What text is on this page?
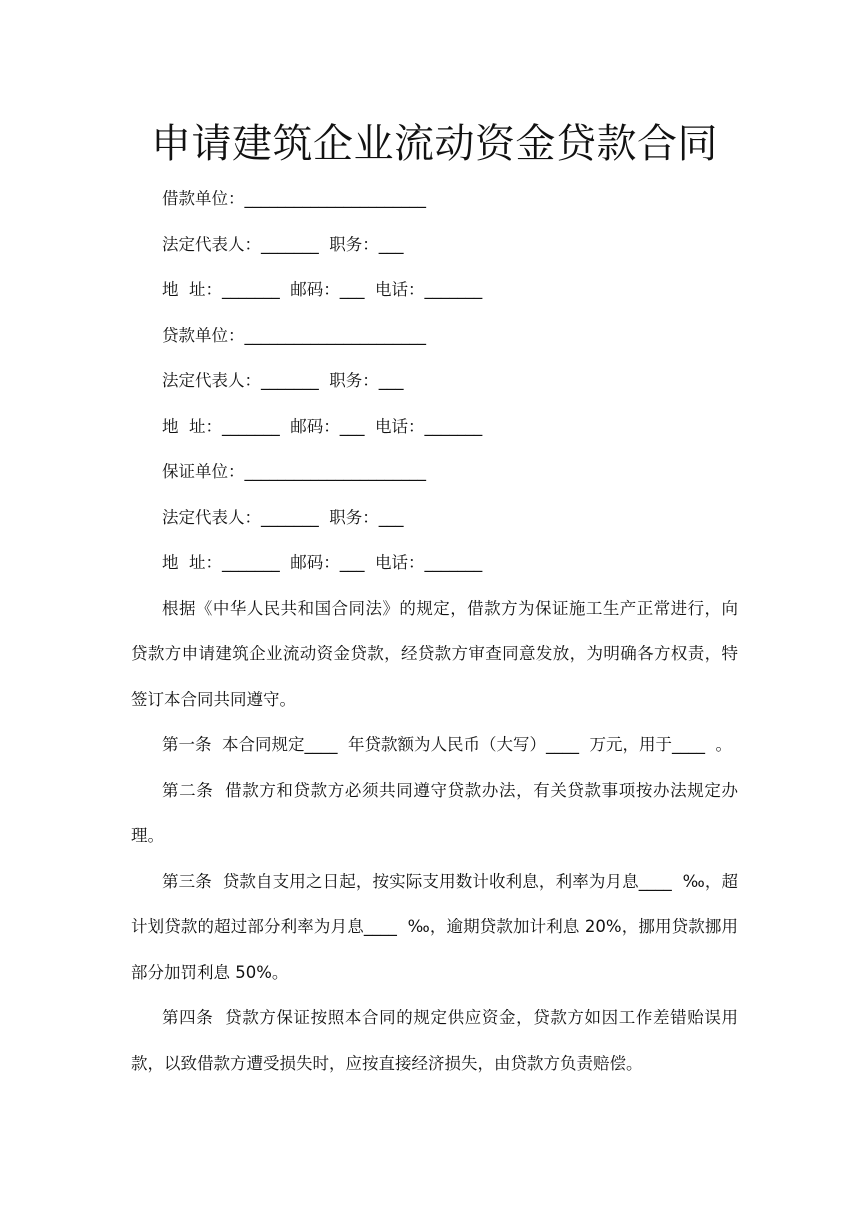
申请建筑企业流动资金贷款合同

借款单位：______________________

法定代表人：_______  职务：___

地  址：_______  邮码：___  电话：_______

贷款单位：______________________

法定代表人：_______  职务：___

地  址：_______  邮码：___  电话：_______

保证单位：______________________

法定代表人：_______  职务：___

地  址：_______  邮码：___  电话：_______

根据《中华人民共和国合同法》的规定，借款方为保证施工生产正常进行，向贷款方申请建筑企业流动资金贷款，经贷款方审查同意发放，为明确各方权责，特签订本合同共同遵守。

第一条  本合同规定____  年贷款额为人民币（大写）____  万元，用于____  。

第二条  借款方和贷款方必须共同遵守贷款办法，有关贷款事项按办法规定办理。

第三条  贷款自支用之日起，按实际支用数计收利息，利率为月息____  ‰，超计划贷款的超过部分利率为月息____  ‰，逾期贷款加计利息 20%，挪用贷款挪用部分加罚利息 50%。

第四条  贷款方保证按照本合同的规定供应资金，贷款方如因工作差错贻误用款，以致借款方遭受损失时，应按直接经济损失，由贷款方负责赔偿。
